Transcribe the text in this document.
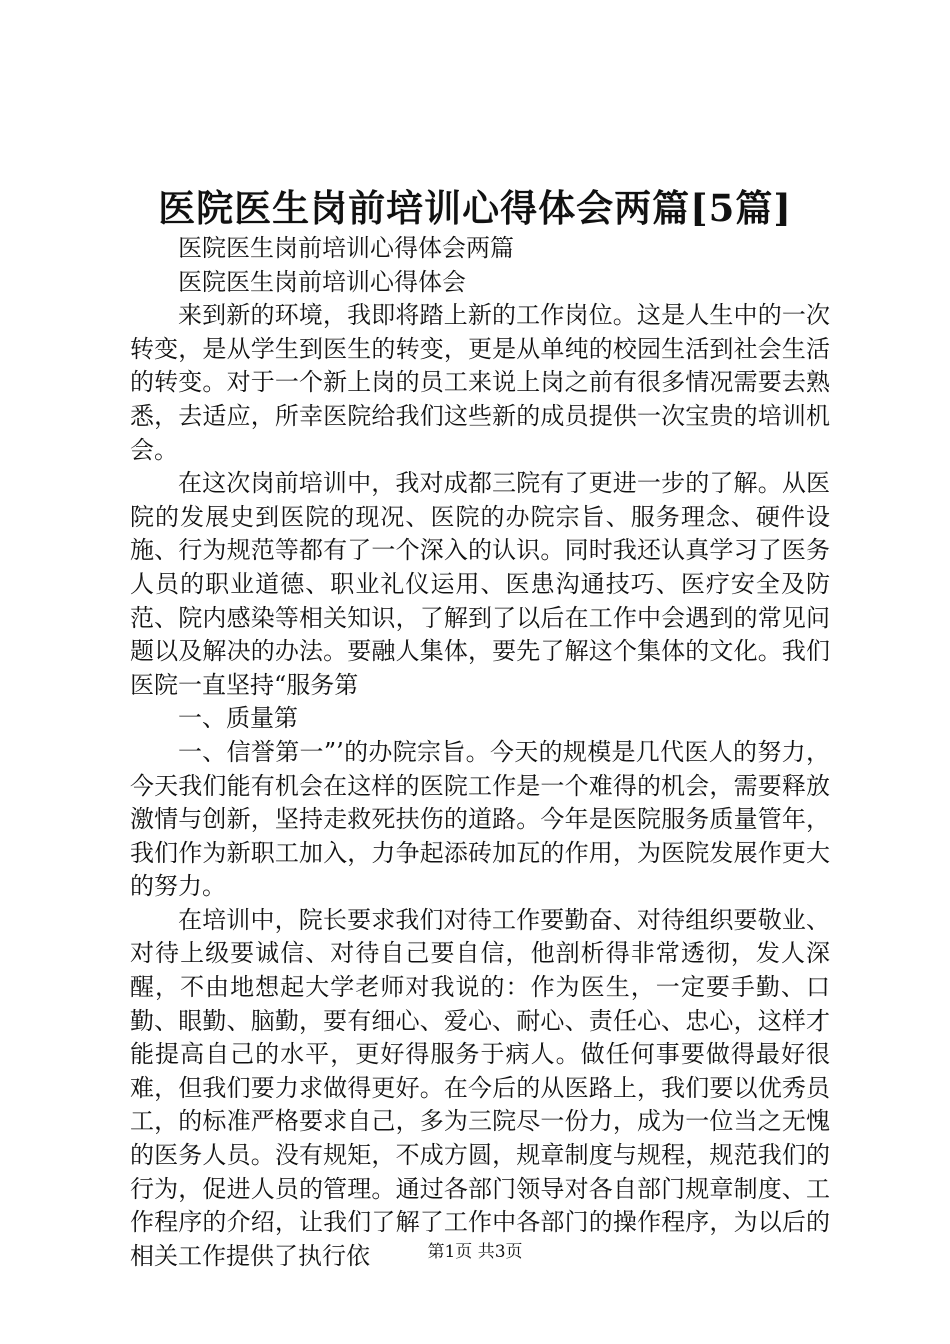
医院医生岗前培训心得体会两篇[5篇]

医院医生岗前培训心得体会两篇

医院医生岗前培训心得体会

来到新的环境，我即将踏上新的工作岗位。这是人生中的一次转变，是从学生到医生的转变，更是从单纯的校园生活到社会生活的转变。对于一个新上岗的员工来说上岗之前有很多情况需要去熟悉，去适应，所幸医院给我们这些新的成员提供一次宝贵的培训机会。

在这次岗前培训中，我对成都三院有了更进一步的了解。从医院的发展史到医院的现况、医院的办院宗旨、服务理念、硬件设施、行为规范等都有了一个深入的认识。同时我还认真学习了医务人员的职业道德、职业礼仪运用、医患沟通技巧、医疗安全及防范、院内感染等相关知识，了解到了以后在工作中会遇到的常见问题以及解决的办法。要融人集体，要先了解这个集体的文化。我们医院一直坚持“服务第

一、质量第

一、信誉第一”’的办院宗旨。今天的规模是几代医人的努力，今天我们能有机会在这样的医院工作是一个难得的机会，需要释放激情与创新，坚持走救死扶伤的道路。今年是医院服务质量管年，我们作为新职工加入，力争起添砖加瓦的作用，为医院发展作更大的努力。

在培训中，院长要求我们对待工作要勤奋、对待组织要敬业、对待上级要诚信、对待自己要自信，他剖析得非常透彻，发人深醒，不由地想起大学老师对我说的：作为医生，一定要手勤、口勤、眼勤、脑勤，要有细心、爱心、耐心、责任心、忠心，这样才能提高自己的水平，更好得服务于病人。做任何事要做得最好很难，但我们要力求做得更好。在今后的从医路上，我们要以优秀员工，的标准严格要求自己，多为三院尽一份力，成为一位当之无愧的医务人员。没有规矩，不成方圆，规章制度与规程，规范我们的行为，促进人员的管理。通过各部门领导对各自部门规章制度、工作程序的介绍，让我们了解了工作中各部门的操作程序，为以后的相关工作提供了执行依	第1页 共3页
